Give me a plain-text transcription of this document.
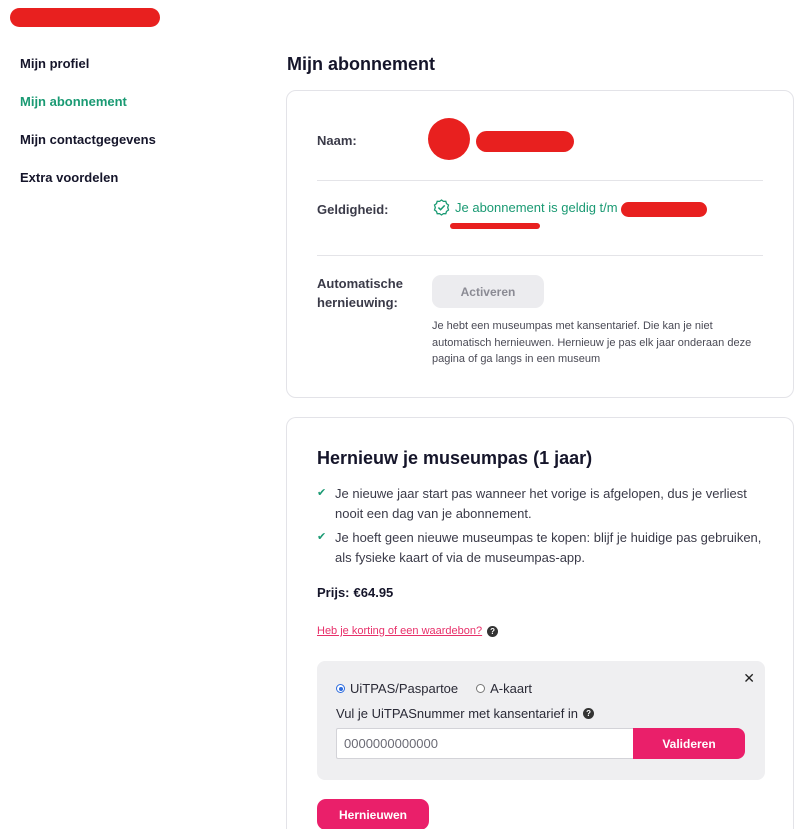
Mijn profiel
Mijn abonnement
Mijn contactgegevens
Extra voordelen
Mijn abonnement
Naam:
Geldigheid:	Je abonnement is geldig t/m
Automatische hernieuwing:
Activeren

Je hebt een museumpas met kansentarief. Die kan je niet automatisch hernieuwen. Hernieuw je pas elk jaar onderaan deze pagina of ga langs in een museum

Hernieuw je museumpas (1 jaar)
✔ Je nieuwe jaar start pas wanneer het vorige is afgelopen, dus je verliest nooit een dag van je abonnement.
✔ Je hoeft geen nieuwe museumpas te kopen: blijf je huidige pas gebruiken, als fysieke kaart of via de museumpas-app.
Prijs: €64.95
Heb je korting of een waardebon?	?
✕
UiTPAS/Paspartoe A-kaart
Vul je UiTPASnummer met kansentarief in	?
0000000000000
Valideren
Hernieuwen
